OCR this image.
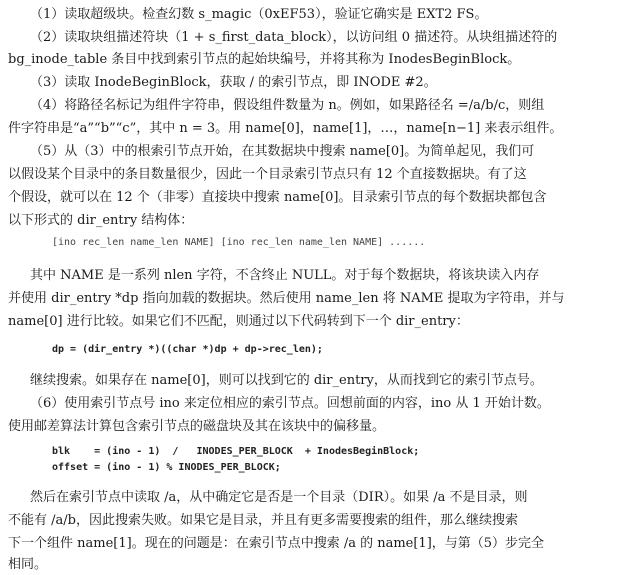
（1）读取超级块。检查幻数 s_magic（0xEF53），验证它确实是 EXT2 FS。
（2）读取块组描述符块（1 + s_first_data_block），以访问组 0 描述符。从块组描述符的
bg_inode_table 条目中找到索引节点的起始块编号，并将其称为 InodesBeginBlock。
（3）读取 InodeBeginBlock，获取 / 的索引节点，即 INODE #2。
（4）将路径名标记为组件字符串，假设组件数量为 n。例如，如果路径名 =/a/b/c，则组
件字符串是“a”“b”“c”，其中 n = 3。用 name[0]，name[1]，…，name[n−1] 来表示组件。
（5）从（3）中的根索引节点开始，在其数据块中搜索 name[0]。为简单起见，我们可
以假设某个目录中的条目数量很少，因此一个目录索引节点只有 12 个直接数据块。有了这
个假设，就可以在 12 个（非零）直接块中搜索 name[0]。目录索引节点的每个数据块都包含
以下形式的 dir_entry 结构体：
[ino rec_len name_len NAME] [ino rec_len name_len NAME] ......
其中 NAME 是一系列 nlen 字符，不含终止 NULL。对于每个数据块，将该块读入内存
并使用 dir_entry *dp 指向加载的数据块。然后使用 name_len 将 NAME 提取为字符串，并与
name[0] 进行比较。如果它们不匹配，则通过以下代码转到下一个 dir_entry：
dp = (dir_entry *)((char *)dp + dp->rec_len);
继续搜索。如果存在 name[0]，则可以找到它的 dir_entry，从而找到它的索引节点号。
（6）使用索引节点号 ino 来定位相应的索引节点。回想前面的内容，ino 从 1 开始计数。
使用邮差算法计算包含索引节点的磁盘块及其在该块中的偏移量。
blk    = (ino - 1)  /   INODES_PER_BLOCK  + InodesBeginBlock;
offset = (ino - 1) % INODES_PER_BLOCK;
然后在索引节点中读取 /a，从中确定它是否是一个目录（DIR）。如果 /a 不是目录，则
不能有 /a/b，因此搜索失败。如果它是目录，并且有更多需要搜索的组件，那么继续搜索
下一个组件 name[1]。现在的问题是：在索引节点中搜索 /a 的 name[1]，与第（5）步完全
相同。
